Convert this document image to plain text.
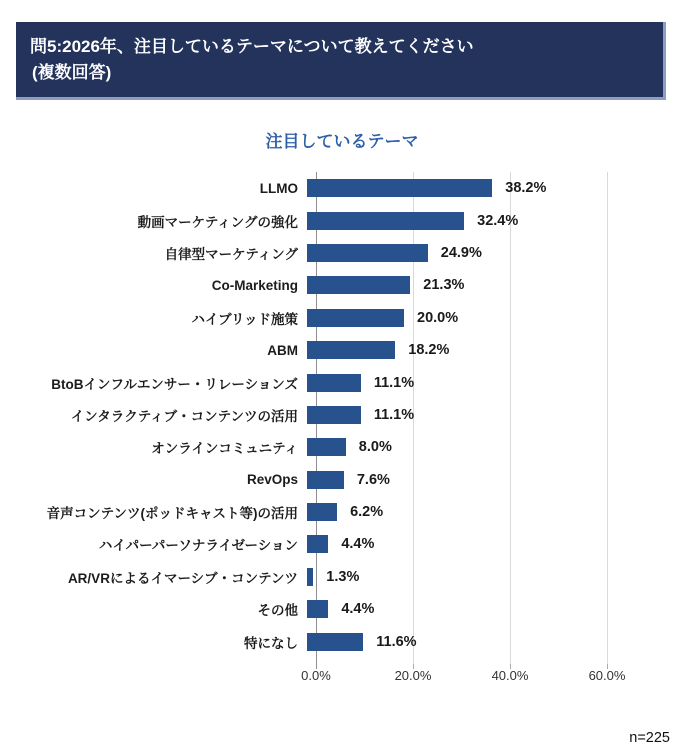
問5:2026年、注目しているテーマについて教えてください
(複数回答)
注目しているテーマ
LLMO	38.2%
動画マーケティングの強化	32.4%
自律型マーケティング	24.9%
Co-Marketing	21.3%
ハイブリッド施策	20.0%
ABM	18.2%
BtoBインフルエンサー・リレーションズ	11.1%
インタラクティブ・コンテンツの活用	11.1%
オンラインコミュニティ	8.0%
RevOps	7.6%
音声コンテンツ(ポッドキャスト等)の活用	6.2%
ハイパーパーソナライゼーション	4.4%
AR/VRによるイマーシブ・コンテンツ	1.3%
その他	4.4%
特になし	11.6%
0.0%	20.0%	40.0%	60.0%
n=225
